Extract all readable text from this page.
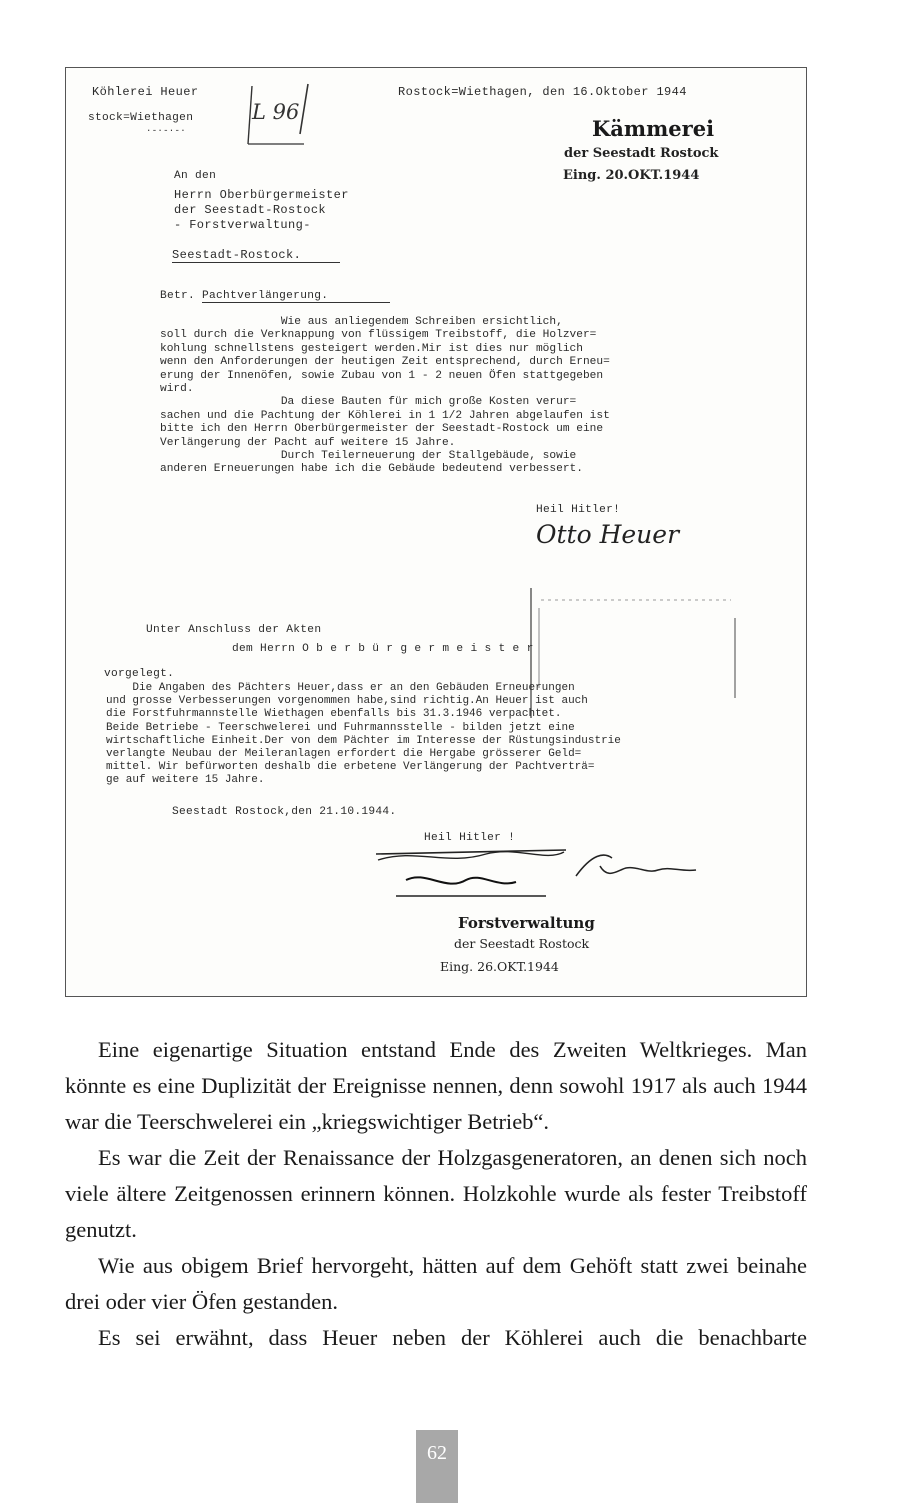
Köhlerei Heuer
stock=Wiethagen
·-·-·-·
L 96
Rostock=Wiethagen, den 16.Oktober 1944
Kämmerei
der Seestadt Rostock
Eing. 20.OKT.1944
An den
Herrn Oberbürgermeister
der Seestadt-Rostock
- Forstverwaltung-
Seestadt-Rostock.
Betr. Pachtverlängerung.

Wie aus anliegendem Schreiben ersichtlich,

soll durch die Verknappung von flüssigem Treibstoff, die Holzver=

kohlung schnellstens gesteigert werden.Mir ist dies nur möglich

wenn den Anforderungen der heutigen Zeit entsprechend, durch Erneu=

erung der Innenöfen, sowie Zubau von 1 - 2 neuen Öfen stattgegeben

wird.

Da diese Bauten für mich große Kosten verur=

sachen und die Pachtung der Köhlerei in 1 1/2 Jahren abgelaufen ist

bitte ich den Herrn Oberbürgermeister der Seestadt-Rostock um eine

Verlängerung der Pacht auf weitere 15 Jahre.

Durch Teilerneuerung der Stallgebäude, sowie

anderen Erneuerungen habe ich die Gebäude bedeutend verbessert.

Heil Hitler!
Otto Heuer
Unter Anschluss der Akten
dem Herrn O b e r b ü r g e r m e i s t e r
vorgelegt.

Die Angaben des Pächters Heuer,dass er an den Gebäuden Erneuerungen

und grosse Verbesserungen vorgenommen habe,sind richtig.An Heuer ist auch

die Forstfuhrmannstelle Wiethagen ebenfalls bis 31.3.1946 verpachtet.

Beide Betriebe - Teerschwelerei und Fuhrmannsstelle - bilden jetzt eine

wirtschaftliche Einheit.Der von dem Pächter im Interesse der Rüstungsindustrie

verlangte Neubau der Meileranlagen erfordert die Hergabe grösserer Geld=

mittel. Wir befürworten deshalb die erbetene Verlängerung der Pachtverträ=

ge auf weitere 15 Jahre.

Seestadt Rostock,den 21.10.1944.
Heil Hitler !
Forstverwaltung
der Seestadt Rostock
Eing. 26.OKT.1944

Eine eigenartige Situation entstand Ende des Zweiten Weltkrieges. Man könnte es eine Duplizität der Ereignisse nennen, denn sowohl 1917 als auch 1944 war die Teerschwelerei ein „kriegswichtiger Betrieb“.

Es war die Zeit der Renaissance der Holzgasgeneratoren, an denen sich noch viele ältere Zeitgenossen erinnern können. Holzkohle wurde als fester Treibstoff genutzt.

Wie aus obigem Brief hervorgeht, hätten auf dem Gehöft statt zwei beinahe drei oder vier Öfen gestanden.

Es sei erwähnt, dass Heuer neben der Köhlerei auch die benachbarte

62
